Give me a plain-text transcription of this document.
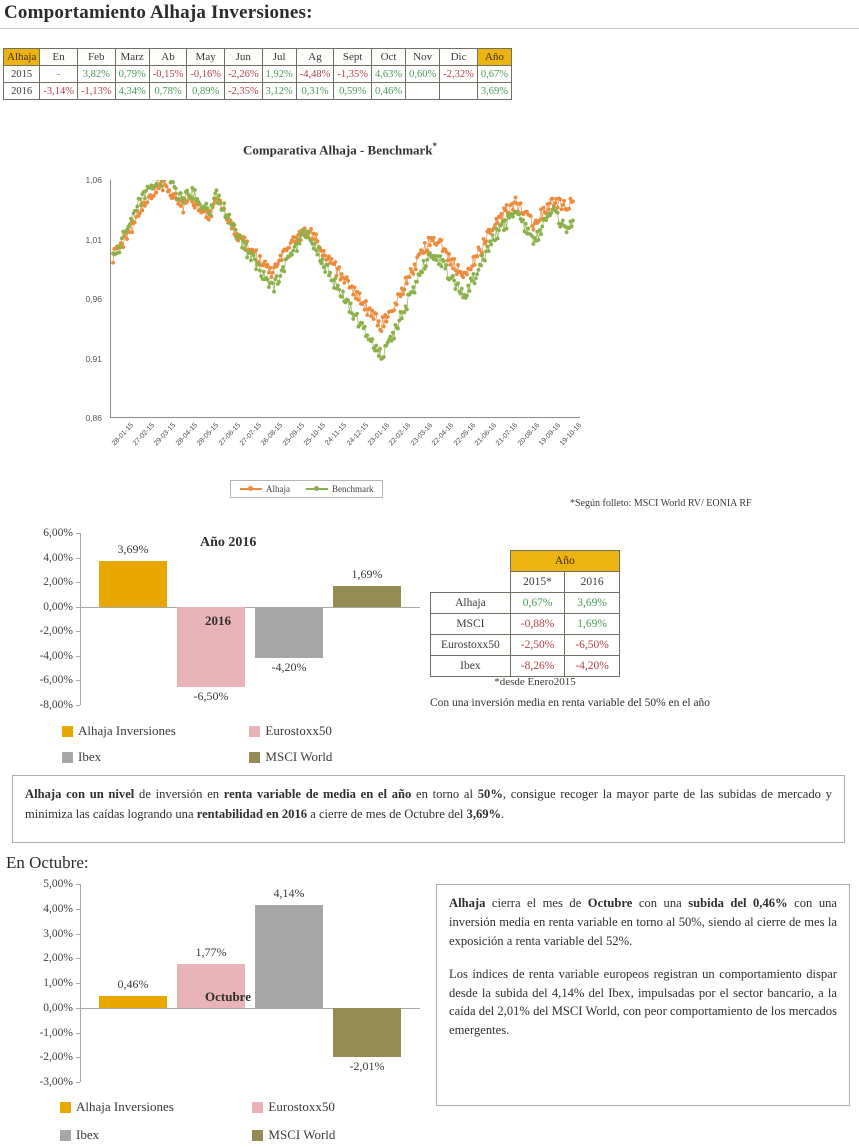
Comportamiento Alhaja Inversiones:
Alhaja	En	Feb	Marz	Ab	May	Jun	Jul	Ag	Sept	Oct	Nov	Dic	Año
2015	-	3,82%	0,79%	-0,15%	-0,16%	-2,26%	1,92%	-4,48%	-1,35%	4,63%	0,60%	-2,32%	0,67%
2016	-3,14%	-1,13%	4,34%	0,78%	0,89%	-2,35%	3,12%	0,31%	0,59%	0,46%			3,69%
Comparativa Alhaja - Benchmark*
0,86
0,91
0,96
1,01
1,06
28-01-15
27-02-15
29-03-15
28-04-15
28-05-15
27-06-15
27-07-15
26-08-15
25-09-15
25-10-15
24-11-15
24-12-15
23-01-16
22-02-16
23-03-16
22-04-16
22-05-16
21-06-16
21-07-16
20-08-16
19-09-16
19-10-16
Alhaja	Benchmark
*Según folleto: MSCI World RV/ EONIA RF
6,00%
4,00%
2,00%
0,00%
-2,00%
-4,00%
-6,00%
-8,00%
3,69%
-6,50%
-4,20%
1,69%
2016
Año 2016
Alhaja Inversiones	Eurostoxx50
Ibex	MSCI World
	Año	
	2015*	2016
Alhaja	0,67%	3,69%
MSCI	-0,88%	1,69%
Eurostoxx50	-2,50%	-6,50%
Ibex	-8,26%	-4,20%
*desde Enero2015
Con una inversión media en renta variable del 50% en el año
Alhaja con un nivel de inversión en renta variable de media en el año en torno al 50%, consigue recoger la mayor parte de las subidas de mercado y minimiza las caídas logrando una rentabilidad en 2016 a cierre de mes de Octubre del 3,69%.
En Octubre:
5,00%
4,00%
3,00%
2,00%
1,00%
0,00%
-1,00%
-2,00%
-3,00%
0,46%
1,77%
4,14%
-2,01%
Octubre
Alhaja Inversiones	Eurostoxx50
Ibex	MSCI World

Alhaja cierra el mes de Octubre con una subida del 0,46% con una inversión media en renta variable en torno al 50%, siendo al cierre de mes la exposición a renta variable del 52%.

Los índices de renta variable europeos registran un comportamiento dispar desde la subida del 4,14% del Ibex, impulsadas por el sector bancario, a la caída del 2,01% del MSCI World, con peor comportamiento de los mercados emergentes.
